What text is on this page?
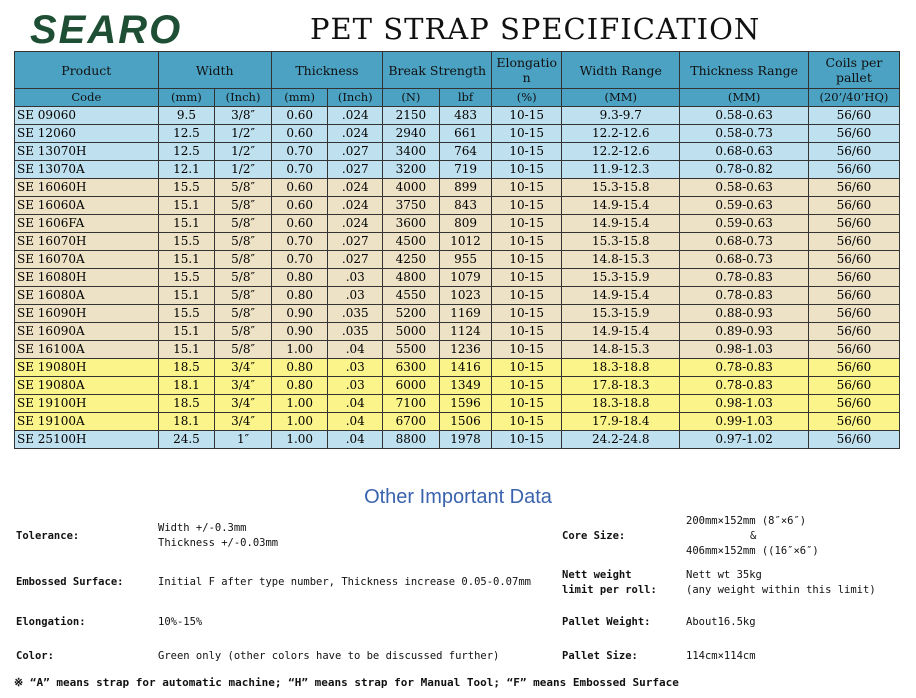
SEARO	PET STRAP SPECIFICATION
Product	Width		Thickness		Break Strength		Elongatio
n	Width Range	Thickness Range	Coils per
pallet
Code	(mm)	(Inch)	(mm)	(Inch)	(N)	lbf	(%)	(MM)	(MM)	(20’/40’HQ)
SE 09060	9.5	3/8″	0.60	.024	2150	483	10-15	9.3-9.7	0.58-0.63	56/60
SE 12060	12.5	1/2″	0.60	.024	2940	661	10-15	12.2-12.6	0.58-0.73	56/60
SE 13070H	12.5	1/2″	0.70	.027	3400	764	10-15	12.2-12.6	0.68-0.63	56/60
SE 13070A	12.1	1/2″	0.70	.027	3200	719	10-15	11.9-12.3	0.78-0.82	56/60
SE 16060H	15.5	5/8″	0.60	.024	4000	899	10-15	15.3-15.8	0.58-0.63	56/60
SE 16060A	15.1	5/8″	0.60	.024	3750	843	10-15	14.9-15.4	0.59-0.63	56/60
SE 1606FA	15.1	5/8″	0.60	.024	3600	809	10-15	14.9-15.4	0.59-0.63	56/60
SE 16070H	15.5	5/8″	0.70	.027	4500	1012	10-15	15.3-15.8	0.68-0.73	56/60
SE 16070A	15.1	5/8″	0.70	.027	4250	955	10-15	14.8-15.3	0.68-0.73	56/60
SE 16080H	15.5	5/8″	0.80	.03	4800	1079	10-15	15.3-15.9	0.78-0.83	56/60
SE 16080A	15.1	5/8″	0.80	.03	4550	1023	10-15	14.9-15.4	0.78-0.83	56/60
SE 16090H	15.5	5/8″	0.90	.035	5200	1169	10-15	15.3-15.9	0.88-0.93	56/60
SE 16090A	15.1	5/8″	0.90	.035	5000	1124	10-15	14.9-15.4	0.89-0.93	56/60
SE 16100A	15.1	5/8″	1.00	.04	5500	1236	10-15	14.8-15.3	0.98-1.03	56/60
SE 19080H	18.5	3/4″	0.80	.03	6300	1416	10-15	18.3-18.8	0.78-0.83	56/60
SE 19080A	18.1	3/4″	0.80	.03	6000	1349	10-15	17.8-18.3	0.78-0.83	56/60
SE 19100H	18.5	3/4″	1.00	.04	7100	1596	10-15	18.3-18.8	0.98-1.03	56/60
SE 19100A	18.1	3/4″	1.00	.04	6700	1506	10-15	17.9-18.4	0.99-1.03	56/60
SE 25100H	24.5	1″	1.00	.04	8800	1978	10-15	24.2-24.8	0.97-1.02	56/60
Other Important Data
Tolerance:
Width +/-0.3mm
Thickness +/-0.03mm
Embossed Surface:	Initial F after type number, Thickness increase 0.05-0.07mm
Elongation:	10%-15%
Color:	Green only (other colors have to be discussed further)
Core Size:
200mm×152mm (8″×6″)
&
406mm×152mm ((16″×6″)
Nett weight
limit per roll:
Nett wt 35kg
(any weight within this limit)
Pallet Weight:	About16.5kg
Pallet Size:	114cm×114cm
※ “A” means strap for automatic machine; “H” means strap for Manual Tool; “F” means Embossed Surface
